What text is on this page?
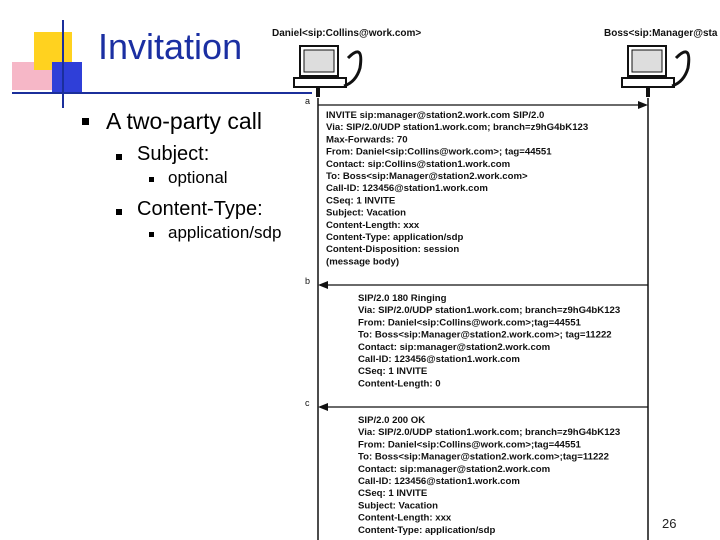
Invitation
A two-party call
Subject:
optional
Content-Type:
application/sdp
Daniel<sip:Collins@work.com>	Boss<sip:Manager@sta
a
b
c
INVITE sip:manager@station2.work.com SIP/2.0
Via: SIP/2.0/UDP station1.work.com; branch=z9hG4bK123
Max-Forwards: 70
From: Daniel<sip:Collins@work.com>; tag=44551
Contact: sip:Collins@station1.work.com
To: Boss<sip:Manager@station2.work.com>
Call-ID: 123456@station1.work.com
CSeq: 1 INVITE
Subject: Vacation
Content-Length: xxx
Content-Type: application/sdp
Content-Disposition: session
(message body)
SIP/2.0 180 Ringing
Via: SIP/2.0/UDP station1.work.com; branch=z9hG4bK123
From: Daniel<sip:Collins@work.com>;tag=44551
To: Boss<sip:Manager@station2.work.com>; tag=11222
Contact: sip:manager@station2.work.com
Call-ID: 123456@station1.work.com
CSeq: 1 INVITE
Content-Length: 0
SIP/2.0 200 OK
Via: SIP/2.0/UDP station1.work.com; branch=z9hG4bK123
From: Daniel<sip:Collins@work.com>;tag=44551
To: Boss<sip:Manager@station2.work.com>;tag=11222
Contact: sip:manager@station2.work.com
Call-ID: 123456@station1.work.com
CSeq: 1 INVITE
Subject: Vacation
Content-Length: xxx
Content-Type: application/sdp	26
